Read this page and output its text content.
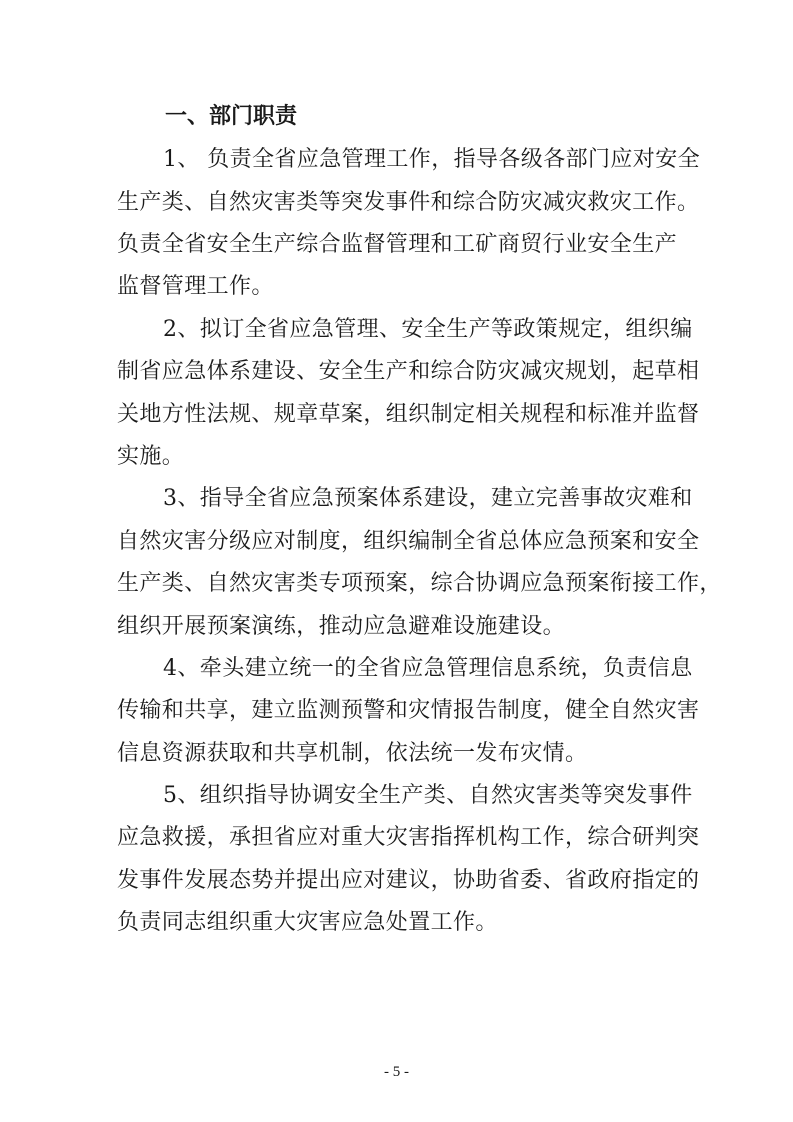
一、部门职责
1、 负责全省应急管理工作，指导各级各部门应对安全
生产类、自然灾害类等突发事件和综合防灾减灾救灾工作。
负责全省安全生产综合监督管理和工矿商贸行业安全生产
监督管理工作。
2、拟订全省应急管理、安全生产等政策规定，组织编
制省应急体系建设、安全生产和综合防灾减灾规划，起草相
关地方性法规、规章草案，组织制定相关规程和标准并监督
实施。
3、指导全省应急预案体系建设，建立完善事故灾难和
自然灾害分级应对制度，组织编制全省总体应急预案和安全
生产类、自然灾害类专项预案，综合协调应急预案衔接工作，
组织开展预案演练，推动应急避难设施建设。
4、牵头建立统一的全省应急管理信息系统，负责信息
传输和共享，建立监测预警和灾情报告制度，健全自然灾害
信息资源获取和共享机制，依法统一发布灾情。
5、组织指导协调安全生产类、自然灾害类等突发事件
应急救援，承担省应对重大灾害指挥机构工作，综合研判突
发事件发展态势并提出应对建议，协助省委、省政府指定的
负责同志组织重大灾害应急处置工作。
- 5 -
